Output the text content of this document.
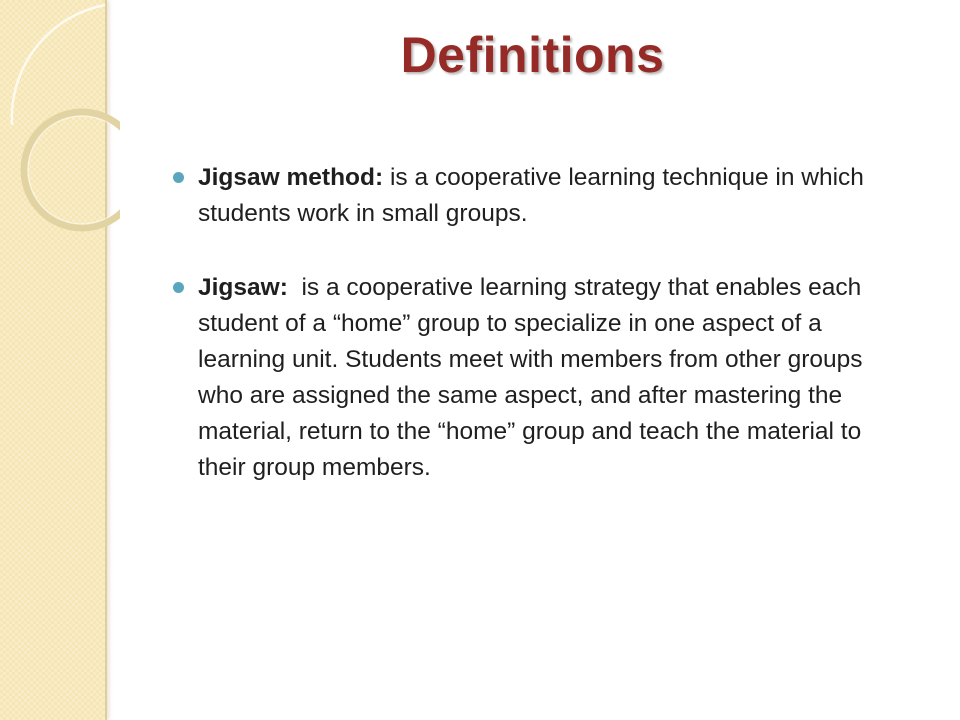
Definitions
Jigsaw method: is a cooperative learning technique in which students work in small groups.
Jigsaw:  is a cooperative learning strategy that enables each student of a “home” group to specialize in one aspect of a learning unit. Students meet with members from other groups who are assigned the same aspect, and after mastering the material, return to the “home” group and teach the material to their group members.
